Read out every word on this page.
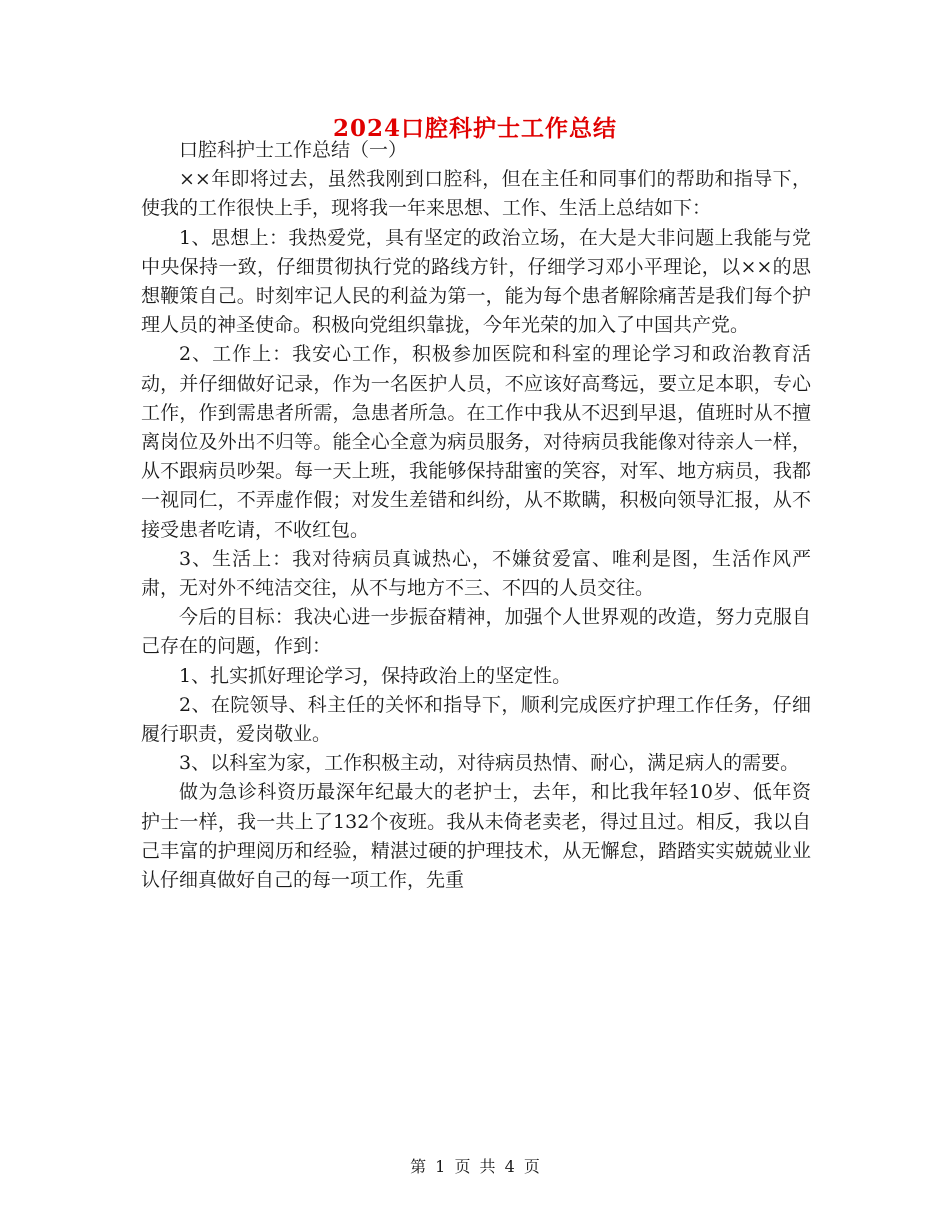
2024口腔科护士工作总结

口腔科护士工作总结（一）

××年即将过去，虽然我刚到口腔科，但在主任和同事们的帮助和指导下，使我的工作很快上手，现将我一年来思想、工作、生活上总结如下：

1、思想上：我热爱党，具有坚定的政治立场，在大是大非问题上我能与党中央保持一致，仔细贯彻执行党的路线方针，仔细学习邓小平理论，以××的思想鞭策自己。时刻牢记人民的利益为第一，能为每个患者解除痛苦是我们每个护理人员的神圣使命。积极向党组织靠拢，今年光荣的加入了中国共产党。

2、工作上：我安心工作，积极参加医院和科室的理论学习和政治教育活动，并仔细做好记录，作为一名医护人员，不应该好高骛远，要立足本职，专心工作，作到需患者所需，急患者所急。在工作中我从不迟到早退，值班时从不擅离岗位及外出不归等。能全心全意为病员服务，对待病员我能像对待亲人一样，从不跟病员吵架。每一天上班，我能够保持甜蜜的笑容，对军、地方病员，我都一视同仁，不弄虚作假；对发生差错和纠纷，从不欺瞒，积极向领导汇报，从不接受患者吃请，不收红包。

3、生活上：我对待病员真诚热心，不嫌贫爱富、唯利是图，生活作风严肃，无对外不纯洁交往，从不与地方不三、不四的人员交往。

今后的目标：我决心进一步振奋精神，加强个人世界观的改造，努力克服自己存在的问题，作到：

1、扎实抓好理论学习，保持政治上的坚定性。

2、在院领导、科主任的关怀和指导下，顺利完成医疗护理工作任务，仔细履行职责，爱岗敬业。

3、以科室为家，工作积极主动，对待病员热情、耐心，满足病人的需要。

做为急诊科资历最深年纪最大的老护士，去年，和比我年轻10岁、低年资护士一样，我一共上了132个夜班。我从未倚老卖老，得过且过。相反，我以自己丰富的护理阅历和经验，精湛过硬的护理技术，从无懈怠，踏踏实实兢兢业业认仔细真做好自己的每一项工作，先重

第 1 页 共 4 页
